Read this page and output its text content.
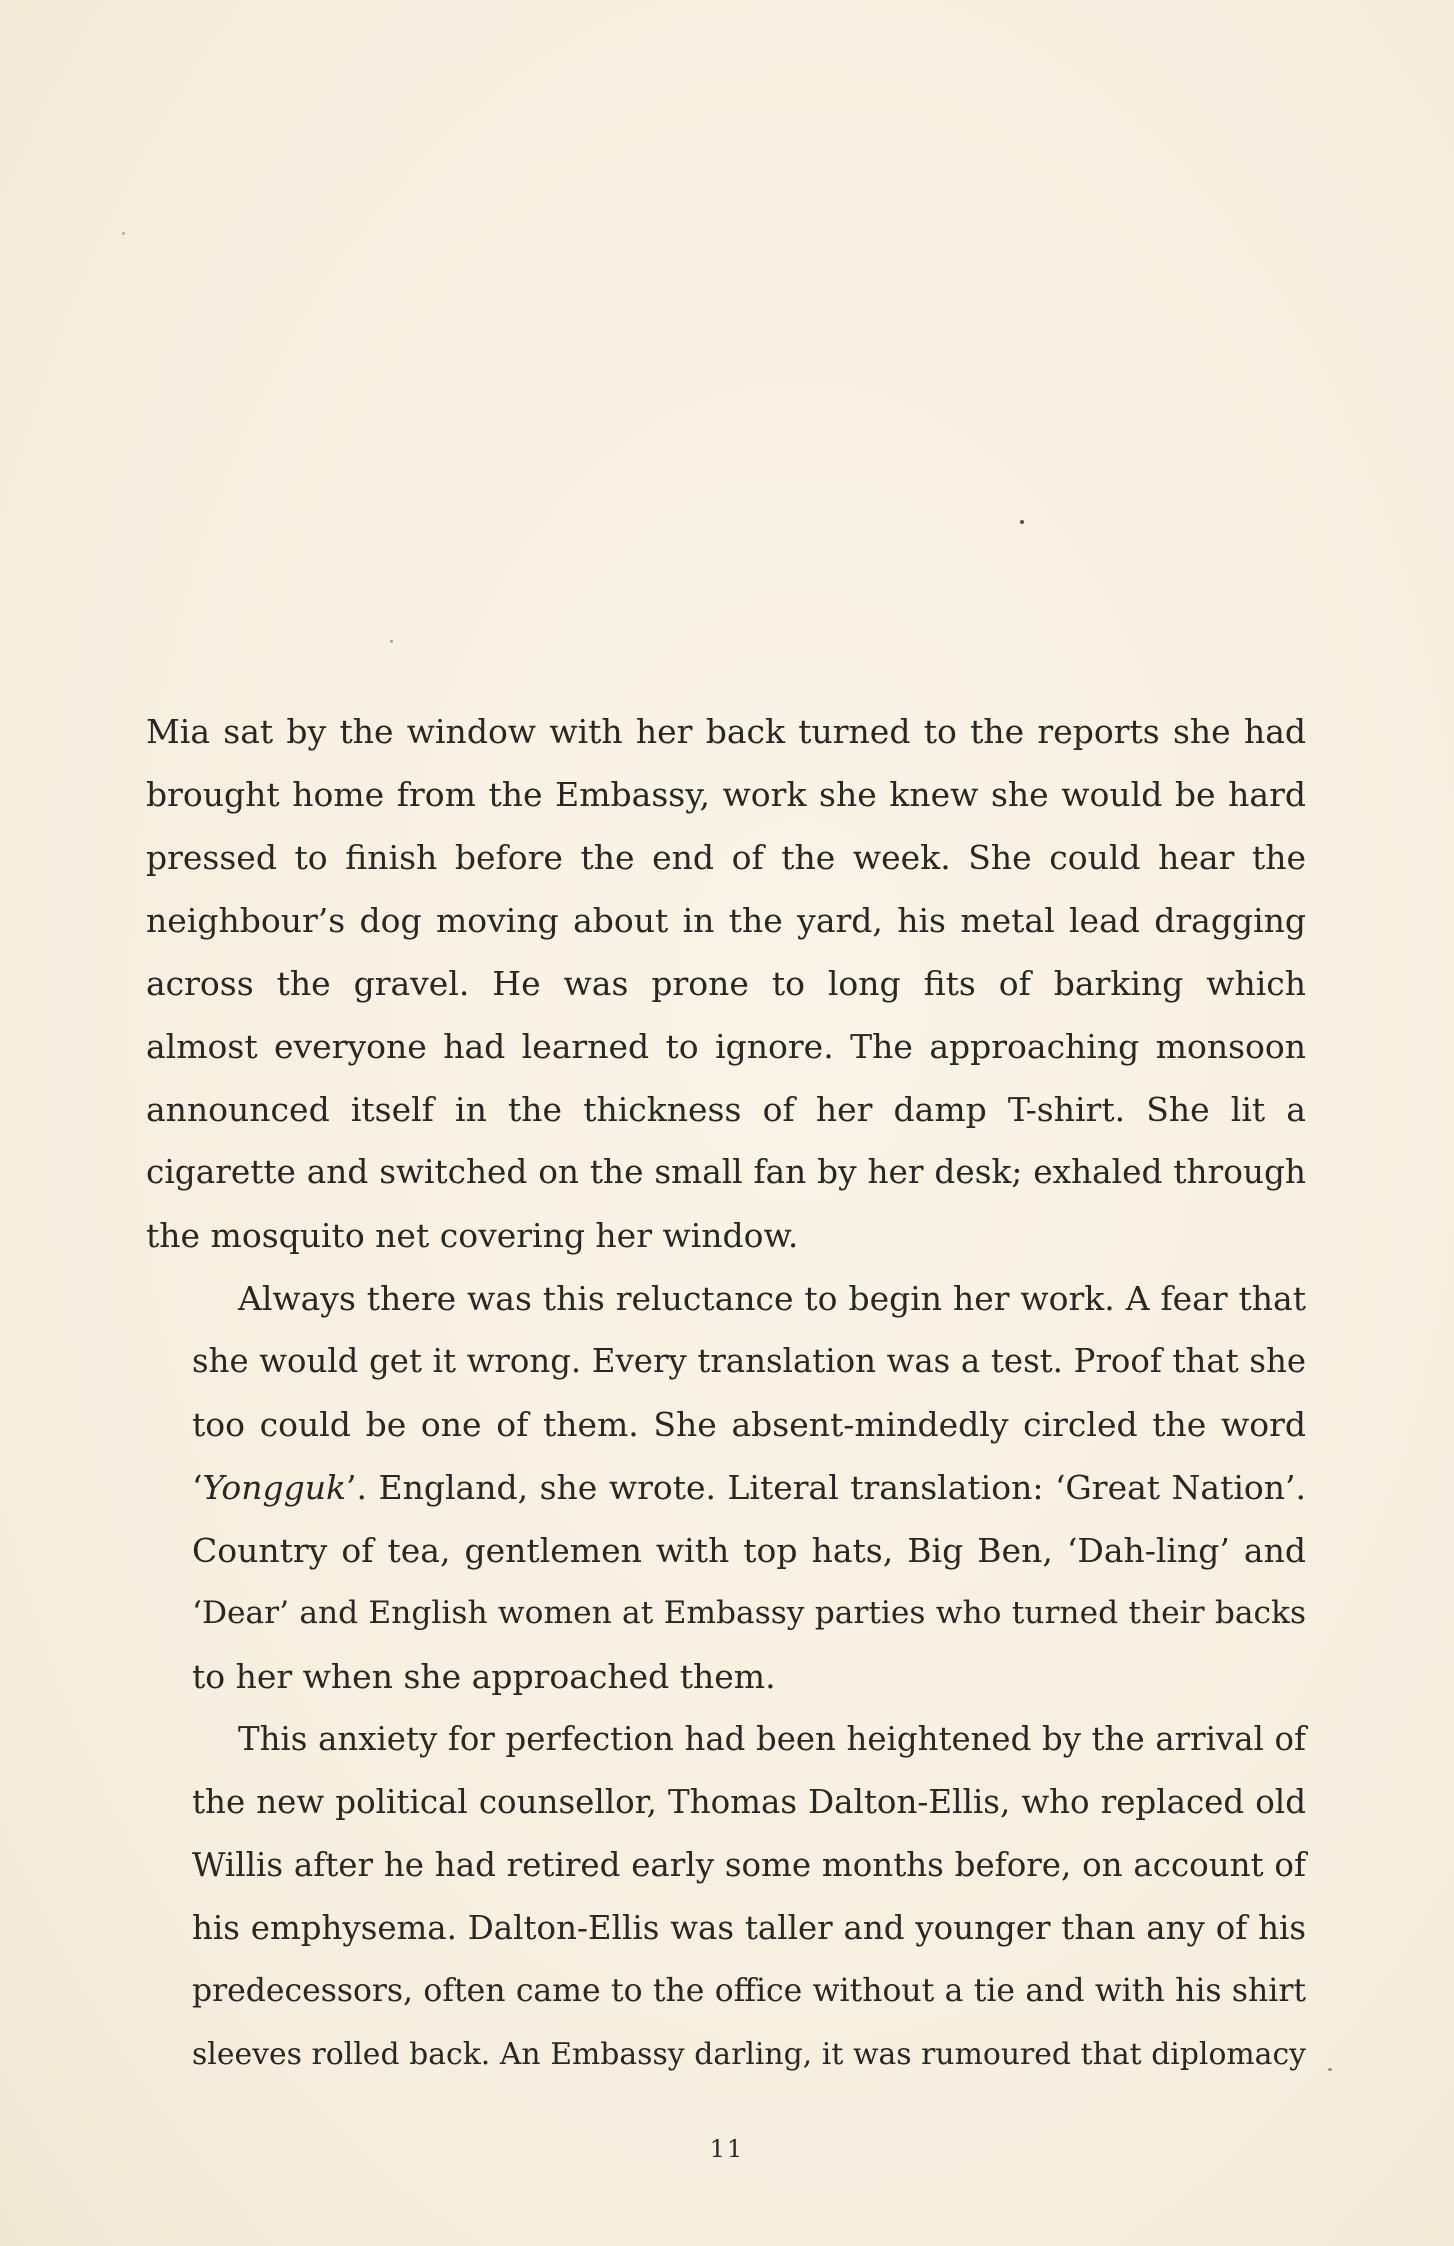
Mia sat by the window with her back turned to the reports she had
brought home from the Embassy, work she knew she would be hard
pressed to finish before the end of the week. She could hear the
neighbour’s dog moving about in the yard, his metal lead dragging
across the gravel. He was prone to long fits of barking which
almost everyone had learned to ignore. The approaching monsoon
announced itself in the thickness of her damp T-shirt. She lit a
cigarette and switched on the small fan by her desk; exhaled through
the mosquito net covering her window.
Always there was this reluctance to begin her work. A fear that
she would get it wrong. Every translation was a test. Proof that she
too could be one of them. She absent-mindedly circled the word
‘Yongguk’. England, she wrote. Literal translation: ‘Great Nation’.
Country of tea, gentlemen with top hats, Big Ben, ‘Dah-ling’ and
‘Dear’ and English women at Embassy parties who turned their backs
to her when she approached them.
This anxiety for perfection had been heightened by the arrival of
the new political counsellor, Thomas Dalton-Ellis, who replaced old
Willis after he had retired early some months before, on account of
his emphysema. Dalton-Ellis was taller and younger than any of his
predecessors, often came to the office without a tie and with his shirt
sleeves rolled back. An Embassy darling, it was rumoured that diplomacy
11
